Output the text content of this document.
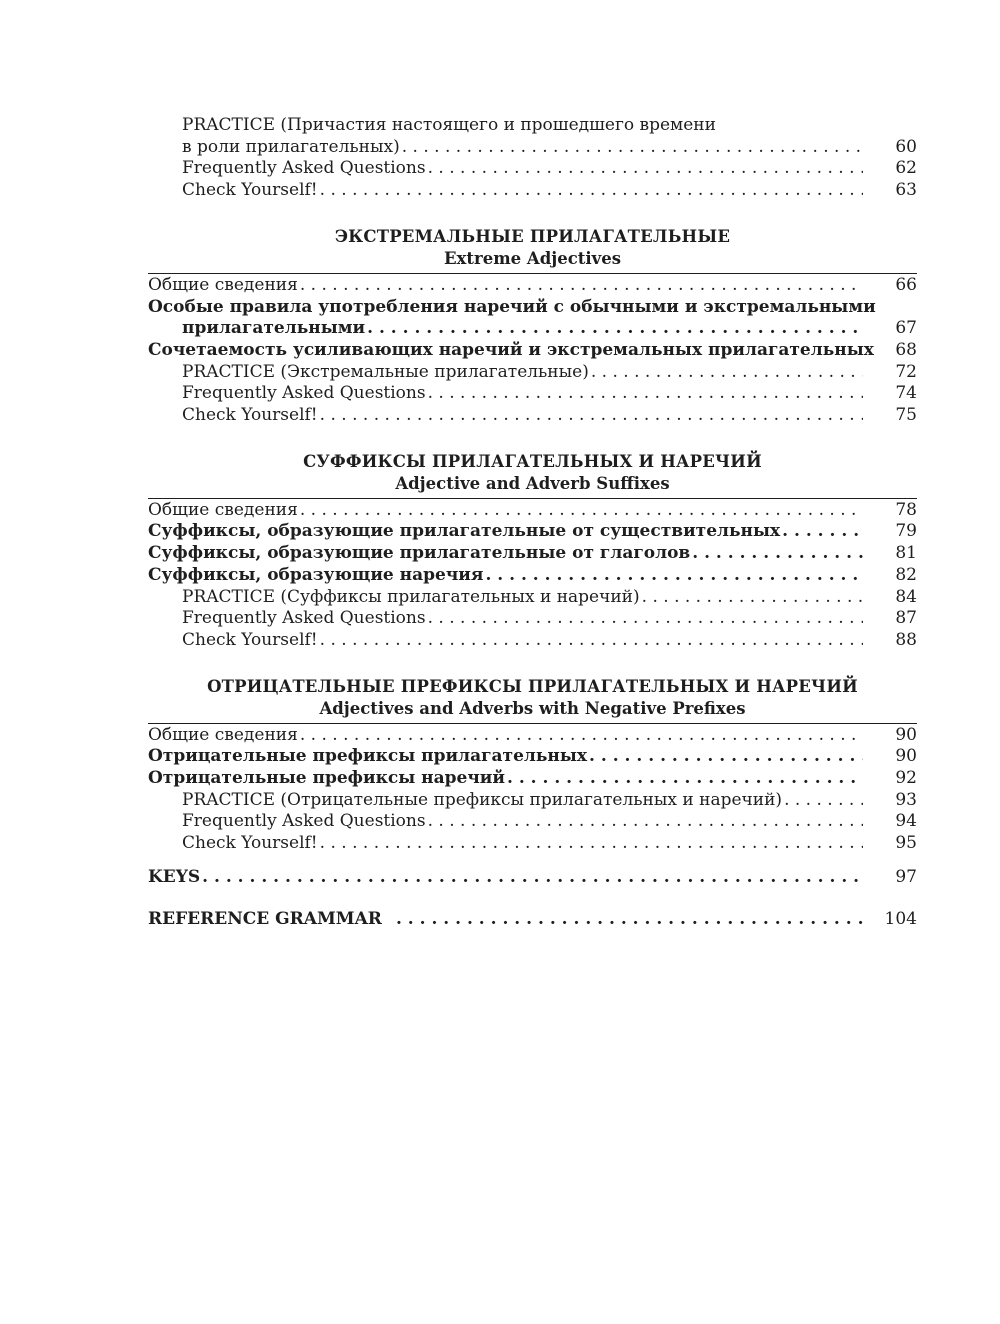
PRACTICE (Причастия настоящего и прошедшего времени
в роли прилагательных) . . .	60
Frequently Asked Questions . . .	62
Check Yourself! . . .	63
ЭКСТРЕМАЛЬНЫЕ ПРИЛАГАТЕЛЬНЫЕ
Extreme Adjectives
Общие сведения . . .	66
Особые правила употребления наречий с обычными и экстремальными
прилагательными . . .	67
Сочетаемость усиливающих наречий и экстремальных прилагательных	68
PRACTICE (Экстремальные прилагательные) . . .	72
Frequently Asked Questions . . .	74
Check Yourself! . . .	75
СУФФИКСЫ ПРИЛАГАТЕЛЬНЫХ И НАРЕЧИЙ
Adjective and Adverb Suffixes
Общие сведения . . .	78
Суффиксы, образующие прилагательные от существительных . . .	79
Суффиксы, образующие прилагательные от глаголов . . .	81
Суффиксы, образующие наречия . . .	82
PRACTICE (Суффиксы прилагательных и наречий) . . .	84
Frequently Asked Questions . . .	87
Check Yourself! . . .	88
ОТРИЦАТЕЛЬНЫЕ ПРЕФИКСЫ ПРИЛАГАТЕЛЬНЫХ И НАРЕЧИЙ
Adjectives and Adverbs with Negative Prefixes
Общие сведения . . .	90
Отрицательные префиксы прилагательных . . .	90
Отрицательные префиксы наречий . . .	92
PRACTICE (Отрицательные префиксы прилагательных и наречий) . . .	93
Frequently Asked Questions . . .	94
Check Yourself! . . .	95
KEYS . . .	97
REFERENCE GRAMMAR . . .	104
